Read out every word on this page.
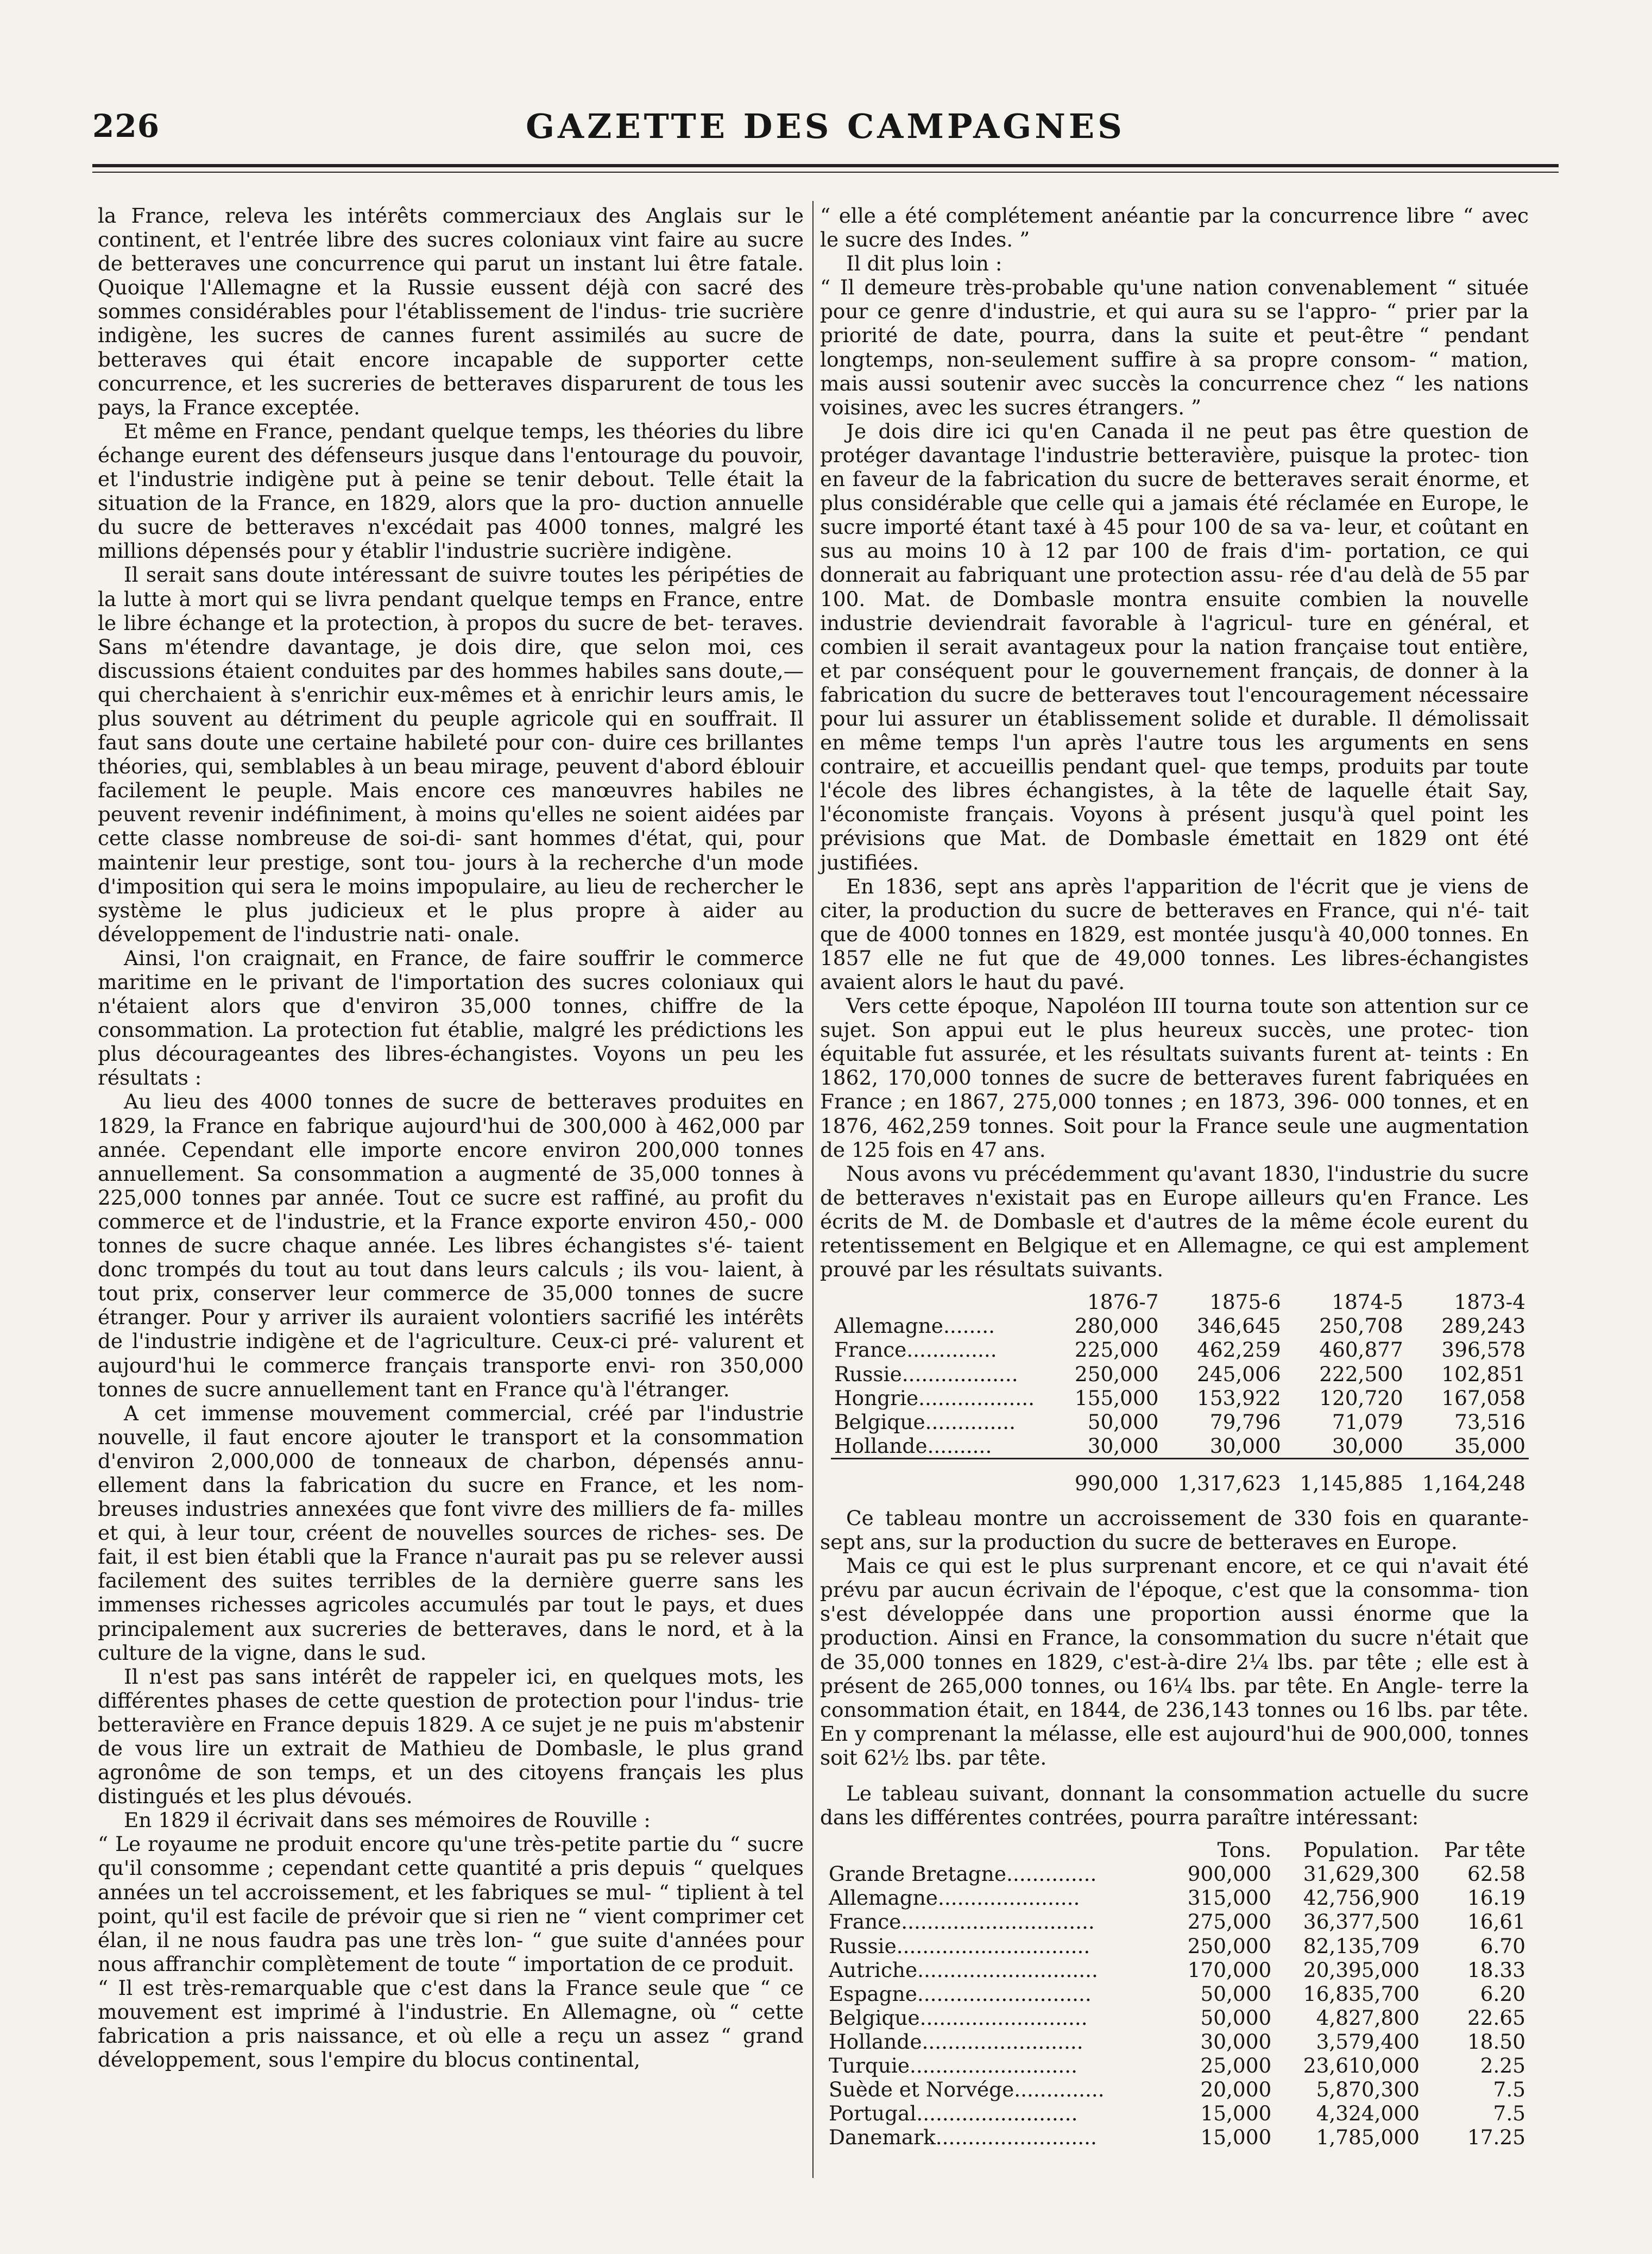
226	GAZETTE DES CAMPAGNES

la France, releva les intérêts commerciaux des Anglais sur le continent, et l'entrée libre des sucres coloniaux vint faire au sucre de betteraves une concurrence qui parut un instant lui être fatale. Quoique l'Allemagne et la Russie eussent déjà con sacré des sommes considérables pour l'établissement de l'indus- trie sucrière indigène, les sucres de cannes furent assimilés au sucre de betteraves qui était encore incapable de supporter cette concurrence, et les sucreries de betteraves disparurent de tous les pays, la France exceptée.

Et même en France, pendant quelque temps, les théories du libre échange eurent des défenseurs jusque dans l'entourage du pouvoir, et l'industrie indigène put à peine se tenir debout. Telle était la situation de la France, en 1829, alors que la pro- duction annuelle du sucre de betteraves n'excédait pas 4000 tonnes, malgré les millions dépensés pour y établir l'industrie sucrière indigène.

Il serait sans doute intéressant de suivre toutes les péripéties de la lutte à mort qui se livra pendant quelque temps en France, entre le libre échange et la protection, à propos du sucre de bet- teraves. Sans m'étendre davantage, je dois dire, que selon moi, ces discussions étaient conduites par des hommes habiles sans doute,—qui cherchaient à s'enrichir eux-mêmes et à enrichir leurs amis, le plus souvent au détriment du peuple agricole qui en souffrait. Il faut sans doute une certaine habileté pour con- duire ces brillantes théories, qui, semblables à un beau mirage, peuvent d'abord éblouir facilement le peuple. Mais encore ces manœuvres habiles ne peuvent revenir indéfiniment, à moins qu'elles ne soient aidées par cette classe nombreuse de soi-di- sant hommes d'état, qui, pour maintenir leur prestige, sont tou- jours à la recherche d'un mode d'imposition qui sera le moins impopulaire, au lieu de rechercher le système le plus judicieux et le plus propre à aider au développement de l'industrie nati- onale.

Ainsi, l'on craignait, en France, de faire souffrir le commerce maritime en le privant de l'importation des sucres coloniaux qui n'étaient alors que d'environ 35,000 tonnes, chiffre de la consommation. La protection fut établie, malgré les prédictions les plus décourageantes des libres-échangistes. Voyons un peu les résultats :

Au lieu des 4000 tonnes de sucre de betteraves produites en 1829, la France en fabrique aujourd'hui de 300,000 à 462,000 par année. Cependant elle importe encore environ 200,000 tonnes annuellement. Sa consommation a augmenté de 35,000 tonnes à 225,000 tonnes par année. Tout ce sucre est raffiné, au profit du commerce et de l'industrie, et la France exporte environ 450,- 000 tonnes de sucre chaque année. Les libres échangistes s'é- taient donc trompés du tout au tout dans leurs calculs ; ils vou- laient, à tout prix, conserver leur commerce de 35,000 tonnes de sucre étranger. Pour y arriver ils auraient volontiers sacrifié les intérêts de l'industrie indigène et de l'agriculture. Ceux-ci pré- valurent et aujourd'hui le commerce français transporte envi- ron 350,000 tonnes de sucre annuellement tant en France qu'à l'étranger.

A cet immense mouvement commercial, créé par l'industrie nouvelle, il faut encore ajouter le transport et la consommation d'environ 2,000,000 de tonneaux de charbon, dépensés annu- ellement dans la fabrication du sucre en France, et les nom- breuses industries annexées que font vivre des milliers de fa- milles et qui, à leur tour, créent de nouvelles sources de riches- ses. De fait, il est bien établi que la France n'aurait pas pu se relever aussi facilement des suites terribles de la dernière guerre sans les immenses richesses agricoles accumulés par tout le pays, et dues principalement aux sucreries de betteraves, dans le nord, et à la culture de la vigne, dans le sud.

Il n'est pas sans intérêt de rappeler ici, en quelques mots, les différentes phases de cette question de protection pour l'indus- trie betteravière en France depuis 1829. A ce sujet je ne puis m'abstenir de vous lire un extrait de Mathieu de Dombasle, le plus grand agronôme de son temps, et un des citoyens français les plus distingués et les plus dévoués.

En 1829 il écrivait dans ses mémoires de Rouville :

“ Le royaume ne produit encore qu'une très-petite partie du “ sucre qu'il consomme ; cependant cette quantité a pris depuis “ quelques années un tel accroissement, et les fabriques se mul- “ tiplient à tel point, qu'il est facile de prévoir que si rien ne “ vient comprimer cet élan, il ne nous faudra pas une très lon- “ gue suite d'années pour nous affranchir complètement de toute “ importation de ce produit.

“ Il est très-remarquable que c'est dans la France seule que “ ce mouvement est imprimé à l'industrie. En Allemagne, où “ cette fabrication a pris naissance, et où elle a reçu un assez “ grand développement, sous l'empire du blocus continental,

“ elle a été complétement anéantie par la concurrence libre “ avec le sucre des Indes. ”

Il dit plus loin :

“ Il demeure très-probable qu'une nation convenablement “ située pour ce genre d'industrie, et qui aura su se l'appro- “ prier par la priorité de date, pourra, dans la suite et peut-être “ pendant longtemps, non-seulement suffire à sa propre consom- “ mation, mais aussi soutenir avec succès la concurrence chez “ les nations voisines, avec les sucres étrangers. ”

Je dois dire ici qu'en Canada il ne peut pas être question de protéger davantage l'industrie betteravière, puisque la protec- tion en faveur de la fabrication du sucre de betteraves serait énorme, et plus considérable que celle qui a jamais été réclamée en Europe, le sucre importé étant taxé à 45 pour 100 de sa va- leur, et coûtant en sus au moins 10 à 12 par 100 de frais d'im- portation, ce qui donnerait au fabriquant une protection assu- rée d'au delà de 55 par 100. Mat. de Dombasle montra ensuite combien la nouvelle industrie deviendrait favorable à l'agricul- ture en général, et combien il serait avantageux pour la nation française tout entière, et par conséquent pour le gouvernement français, de donner à la fabrication du sucre de betteraves tout l'encouragement nécessaire pour lui assurer un établissement solide et durable. Il démolissait en même temps l'un après l'autre tous les arguments en sens contraire, et accueillis pendant quel- que temps, produits par toute l'école des libres échangistes, à la tête de laquelle était Say, l'économiste français. Voyons à présent jusqu'à quel point les prévisions que Mat. de Dombasle émettait en 1829 ont été justifiées.

En 1836, sept ans après l'apparition de l'écrit que je viens de citer, la production du sucre de betteraves en France, qui n'é- tait que de 4000 tonnes en 1829, est montée jusqu'à 40,000 tonnes. En 1857 elle ne fut que de 49,000 tonnes. Les libres-échangistes avaient alors le haut du pavé.

Vers cette époque, Napoléon III tourna toute son attention sur ce sujet. Son appui eut le plus heureux succès, une protec- tion équitable fut assurée, et les résultats suivants furent at- teints : En 1862, 170,000 tonnes de sucre de betteraves furent fabriquées en France ; en 1867, 275,000 tonnes ; en 1873, 396- 000 tonnes, et en 1876, 462,259 tonnes. Soit pour la France seule une augmentation de 125 fois en 47 ans.

Nous avons vu précédemment qu'avant 1830, l'industrie du sucre de betteraves n'existait pas en Europe ailleurs qu'en France. Les écrits de M. de Dombasle et d'autres de la même école eurent du retentissement en Belgique et en Allemagne, ce qui est amplement prouvé par les résultats suivants.

	1876-7	1875-6	1874-5	1873-4
Allemagne........	280,000	346,645	250,708	289,243
France..............	225,000	462,259	460,877	396,578
Russie..................	250,000	245,006	222,500	102,851
Hongrie..................	155,000	153,922	120,720	167,058
Belgique..............	50,000	79,796	71,079	73,516
Hollande..........	30,000	30,000	30,000	35,000
	990,000	1,317,623	1,145,885	1,164,248

Ce tableau montre un accroissement de 330 fois en quarante- sept ans, sur la production du sucre de betteraves en Europe.

Mais ce qui est le plus surprenant encore, et ce qui n'avait été prévu par aucun écrivain de l'époque, c'est que la consomma- tion s'est développée dans une proportion aussi énorme que la production. Ainsi en France, la consommation du sucre n'était que de 35,000 tonnes en 1829, c'est-à-dire 2¼ lbs. par tête ; elle est à présent de 265,000 tonnes, ou 16¼ lbs. par tête. En Angle- terre la consommation était, en 1844, de 236,143 tonnes ou 16 lbs. par tête. En y comprenant la mélasse, elle est aujourd'hui de 900,000, tonnes soit 62½ lbs. par tête.

Le tableau suivant, donnant la consommation actuelle du sucre dans les différentes contrées, pourra paraître intéressant:

	Tons.	Population.	Par tête
Grande Bretagne..............	900,000	31,629,300	62.58
Allemagne......................	315,000	42,756,900	16.19
France..............................	275,000	36,377,500	16,61
Russie..............................	250,000	82,135,709	6.70
Autriche............................	170,000	20,395,000	18.33
Espagne...........................	50,000	16,835,700	6.20
Belgique..........................	50,000	4,827,800	22.65
Hollande.........................	30,000	3,579,400	18.50
Turquie..........................	25,000	23,610,000	2.25
Suède et Norvége..............	20,000	5,870,300	7.5
Portugal.........................	15,000	4,324,000	7.5
Danemark.........................	15,000	1,785,000	17.25
